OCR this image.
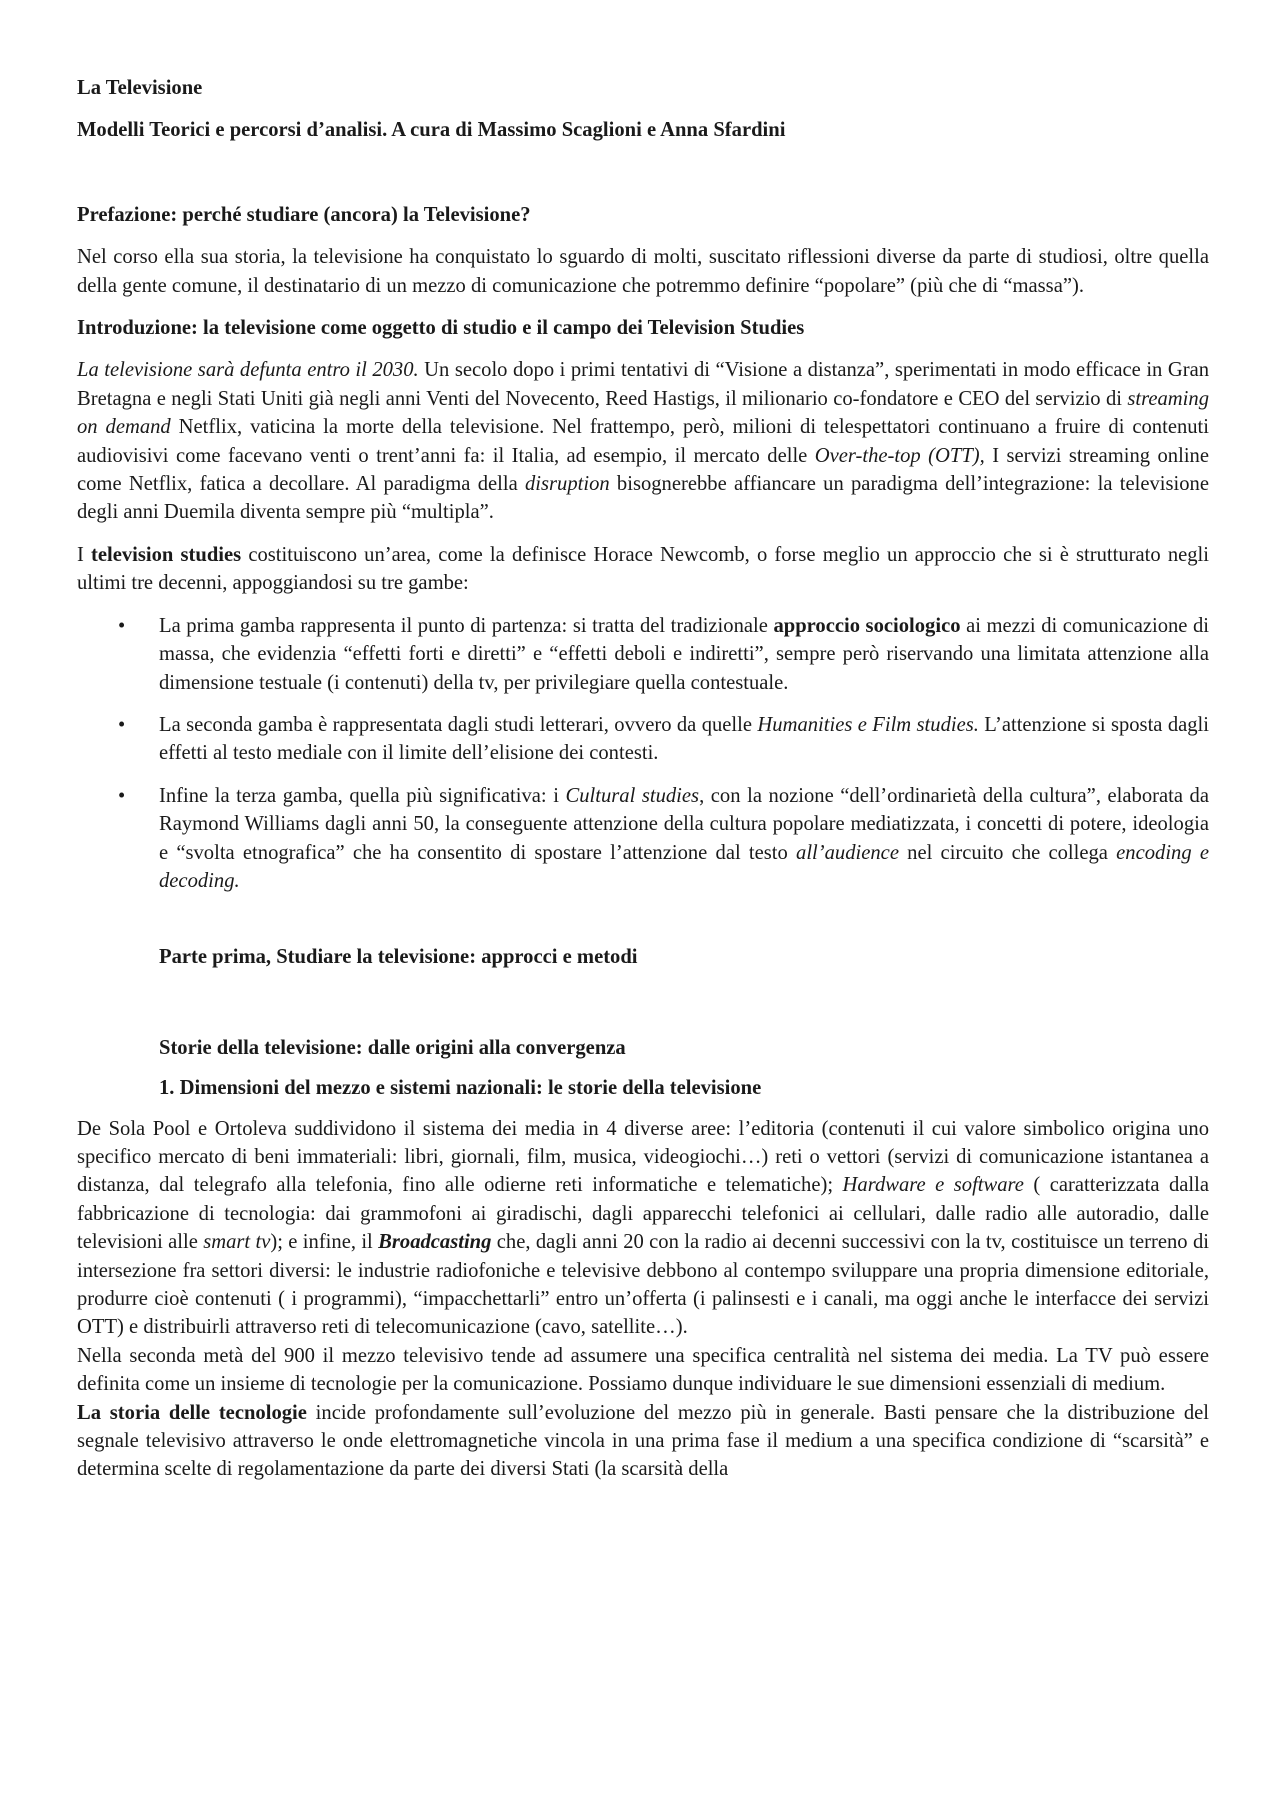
La Televisione
Modelli Teorici e percorsi d’analisi. A cura di Massimo Scaglioni e Anna Sfardini
Prefazione: perché studiare (ancora) la Televisione?
Nel corso ella sua storia, la televisione ha conquistato lo sguardo di molti, suscitato riflessioni diverse da parte di studiosi, oltre quella della gente comune, il destinatario di un mezzo di comunicazione che potremmo definire “popolare” (più che di “massa”).
Introduzione: la televisione come oggetto di studio e il campo dei Television Studies
La televisione sarà defunta entro il 2030. Un secolo dopo i primi tentativi di “Visione a distanza”, sperimentati in modo efficace in Gran Bretagna e negli Stati Uniti già negli anni Venti del Novecento, Reed Hastigs, il milionario co-fondatore e CEO del servizio di streaming on demand Netflix, vaticina la morte della televisione. Nel frattempo, però, milioni di telespettatori continuano a fruire di contenuti audiovisivi come facevano venti o trent’anni fa: il Italia, ad esempio, il mercato delle Over-the-top (OTT), I servizi streaming online come Netflix, fatica a decollare. Al paradigma della disruption bisognerebbe affiancare un paradigma dell’integrazione: la televisione degli anni Duemila diventa sempre più “multipla”.
I television studies costituiscono un’area, come la definisce Horace Newcomb, o forse meglio un approccio che si è strutturato negli ultimi tre decenni, appoggiandosi su tre gambe:
• La prima gamba rappresenta il punto di partenza: si tratta del tradizionale approccio sociologico ai mezzi di comunicazione di massa, che evidenzia “effetti forti e diretti” e “effetti deboli e indiretti”, sempre però riservando una limitata attenzione alla dimensione testuale (i contenuti) della tv, per privilegiare quella contestuale.
• La seconda gamba è rappresentata dagli studi letterari, ovvero da quelle Humanities e Film studies. L’attenzione si sposta dagli effetti al testo mediale con il limite dell’elisione dei contesti.
• Infine la terza gamba, quella più significativa: i Cultural studies, con la nozione “dell’ordinarietà della cultura”, elaborata da Raymond Williams dagli anni 50, la conseguente attenzione della cultura popolare mediatizzata, i concetti di potere, ideologia e “svolta etnografica” che ha consentito di spostare l’attenzione dal testo all’audience nel circuito che collega encoding e decoding.
Parte prima, Studiare la televisione: approcci e metodi
Storie della televisione: dalle origini alla convergenza
1. Dimensioni del mezzo e sistemi nazionali: le storie della televisione
De Sola Pool e Ortoleva suddividono il sistema dei media in 4 diverse aree: l’editoria (contenuti il cui valore simbolico origina uno specifico mercato di beni immateriali: libri, giornali, film, musica, videogiochi…) reti o vettori (servizi di comunicazione istantanea a distanza, dal telegrafo alla telefonia, fino alle odierne reti informatiche e telematiche); Hardware e software ( caratterizzata dalla fabbricazione di tecnologia: dai grammofoni ai giradischi, dagli apparecchi telefonici ai cellulari, dalle radio alle autoradio, dalle televisioni alle smart tv); e infine, il Broadcasting che, dagli anni 20 con la radio ai decenni successivi con la tv, costituisce un terreno di intersezione fra settori diversi: le industrie radiofoniche e televisive debbono al contempo sviluppare una propria dimensione editoriale, produrre cioè contenuti ( i programmi), “impacchettarli” entro un’offerta (i palinsesti e i canali, ma oggi anche le interfacce dei servizi OTT) e distribuirli attraverso reti di telecomunicazione (cavo, satellite…).
Nella seconda metà del 900 il mezzo televisivo tende ad assumere una specifica centralità nel sistema dei media. La TV può essere definita come un insieme di tecnologie per la comunicazione. Possiamo dunque individuare le sue dimensioni essenziali di medium.
La storia delle tecnologie incide profondamente sull’evoluzione del mezzo più in generale. Basti pensare che la distribuzione del segnale televisivo attraverso le onde elettromagnetiche vincola in una prima fase il medium a una specifica condizione di “scarsità” e determina scelte di regolamentazione da parte dei diversi Stati (la scarsità della
